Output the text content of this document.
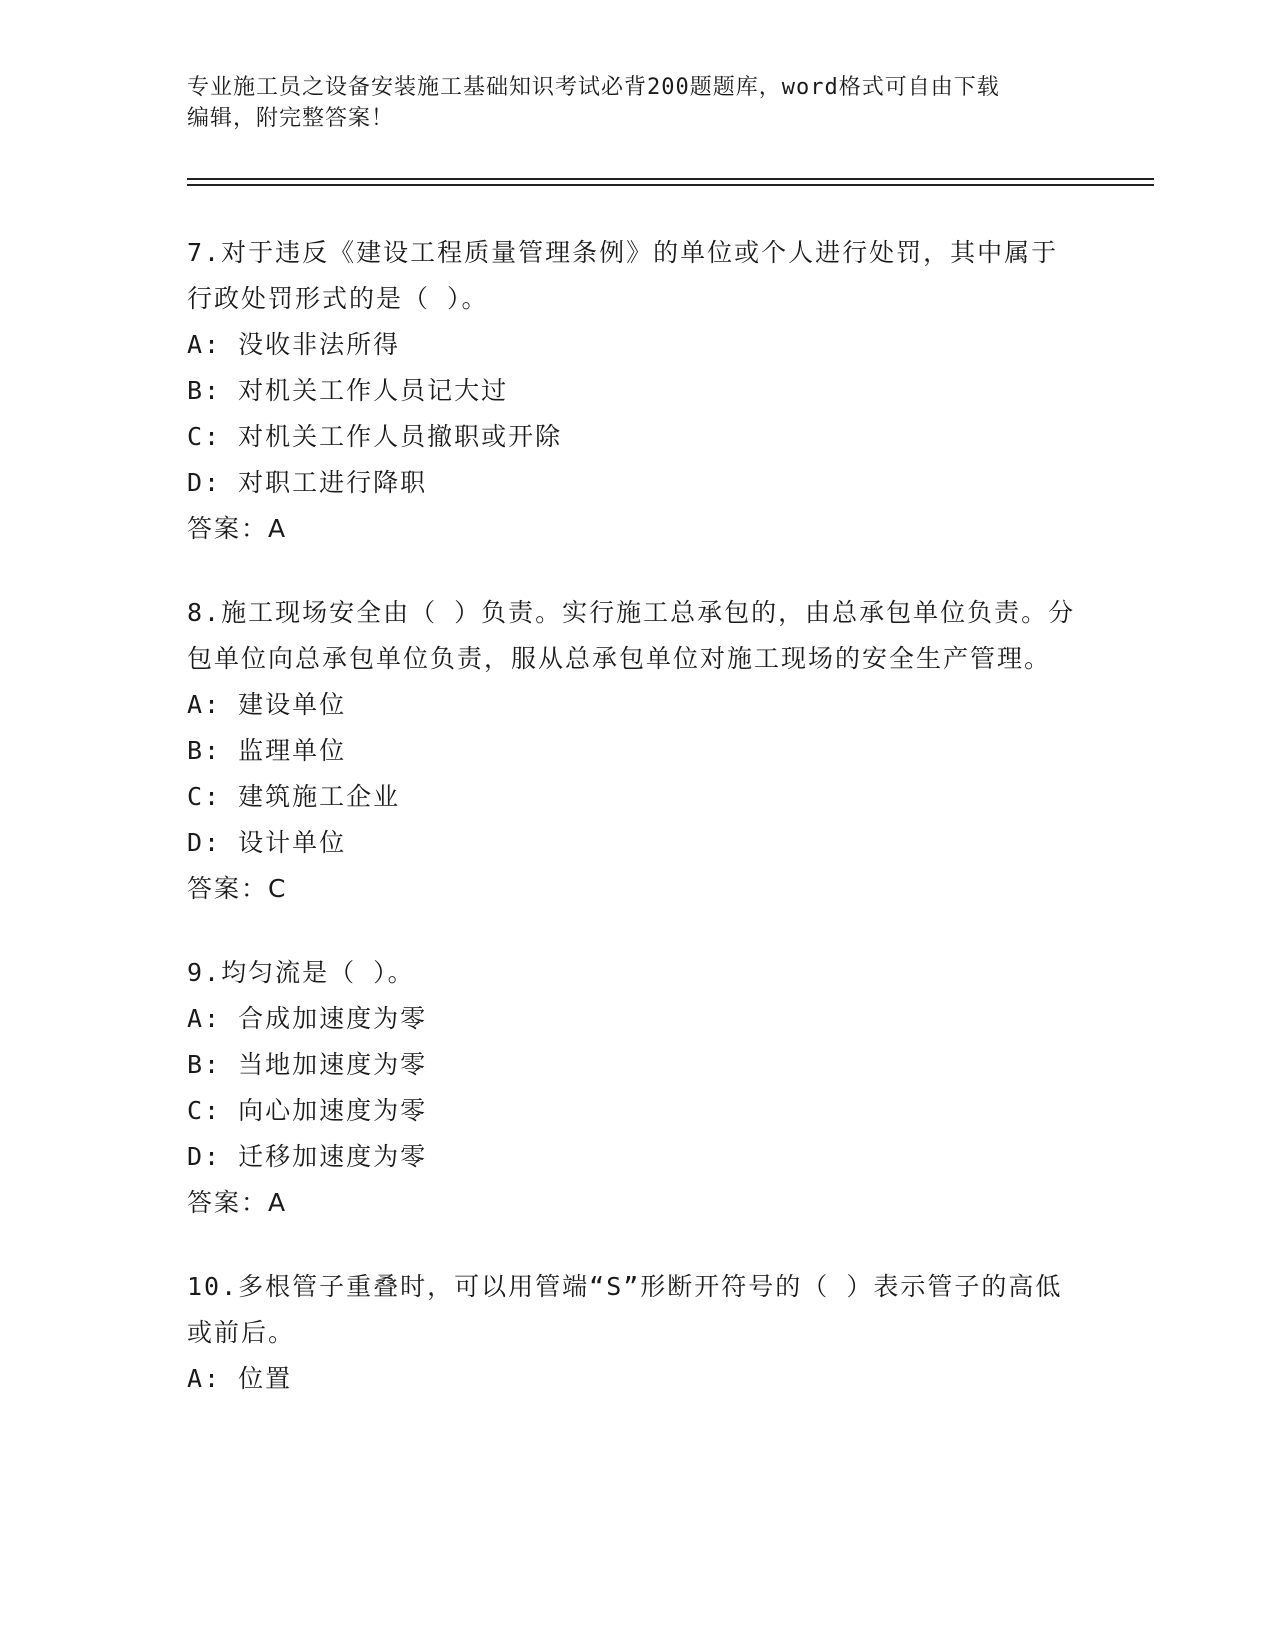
专业施工员之设备安装施工基础知识考试必背200题题库，word格式可自由下载
编辑，附完整答案！
7.对于违反《建设工程质量管理条例》的单位或个人进行处罚，其中属于行政处罚形式的是（ ）。
A: 没收非法所得
B: 对机关工作人员记大过
C: 对机关工作人员撤职或开除
D: 对职工进行降职
答案：A
8.施工现场安全由（ ）负责。实行施工总承包的，由总承包单位负责。分包单位向总承包单位负责，服从总承包单位对施工现场的安全生产管理。
A: 建设单位
B: 监理单位
C: 建筑施工企业
D: 设计单位
答案：C
9.均匀流是（ ）。
A: 合成加速度为零
B: 当地加速度为零
C: 向心加速度为零
D: 迁移加速度为零
答案：A
10.多根管子重叠时，可以用管端“S”形断开符号的（ ）表示管子的高低或前后。
A: 位置
